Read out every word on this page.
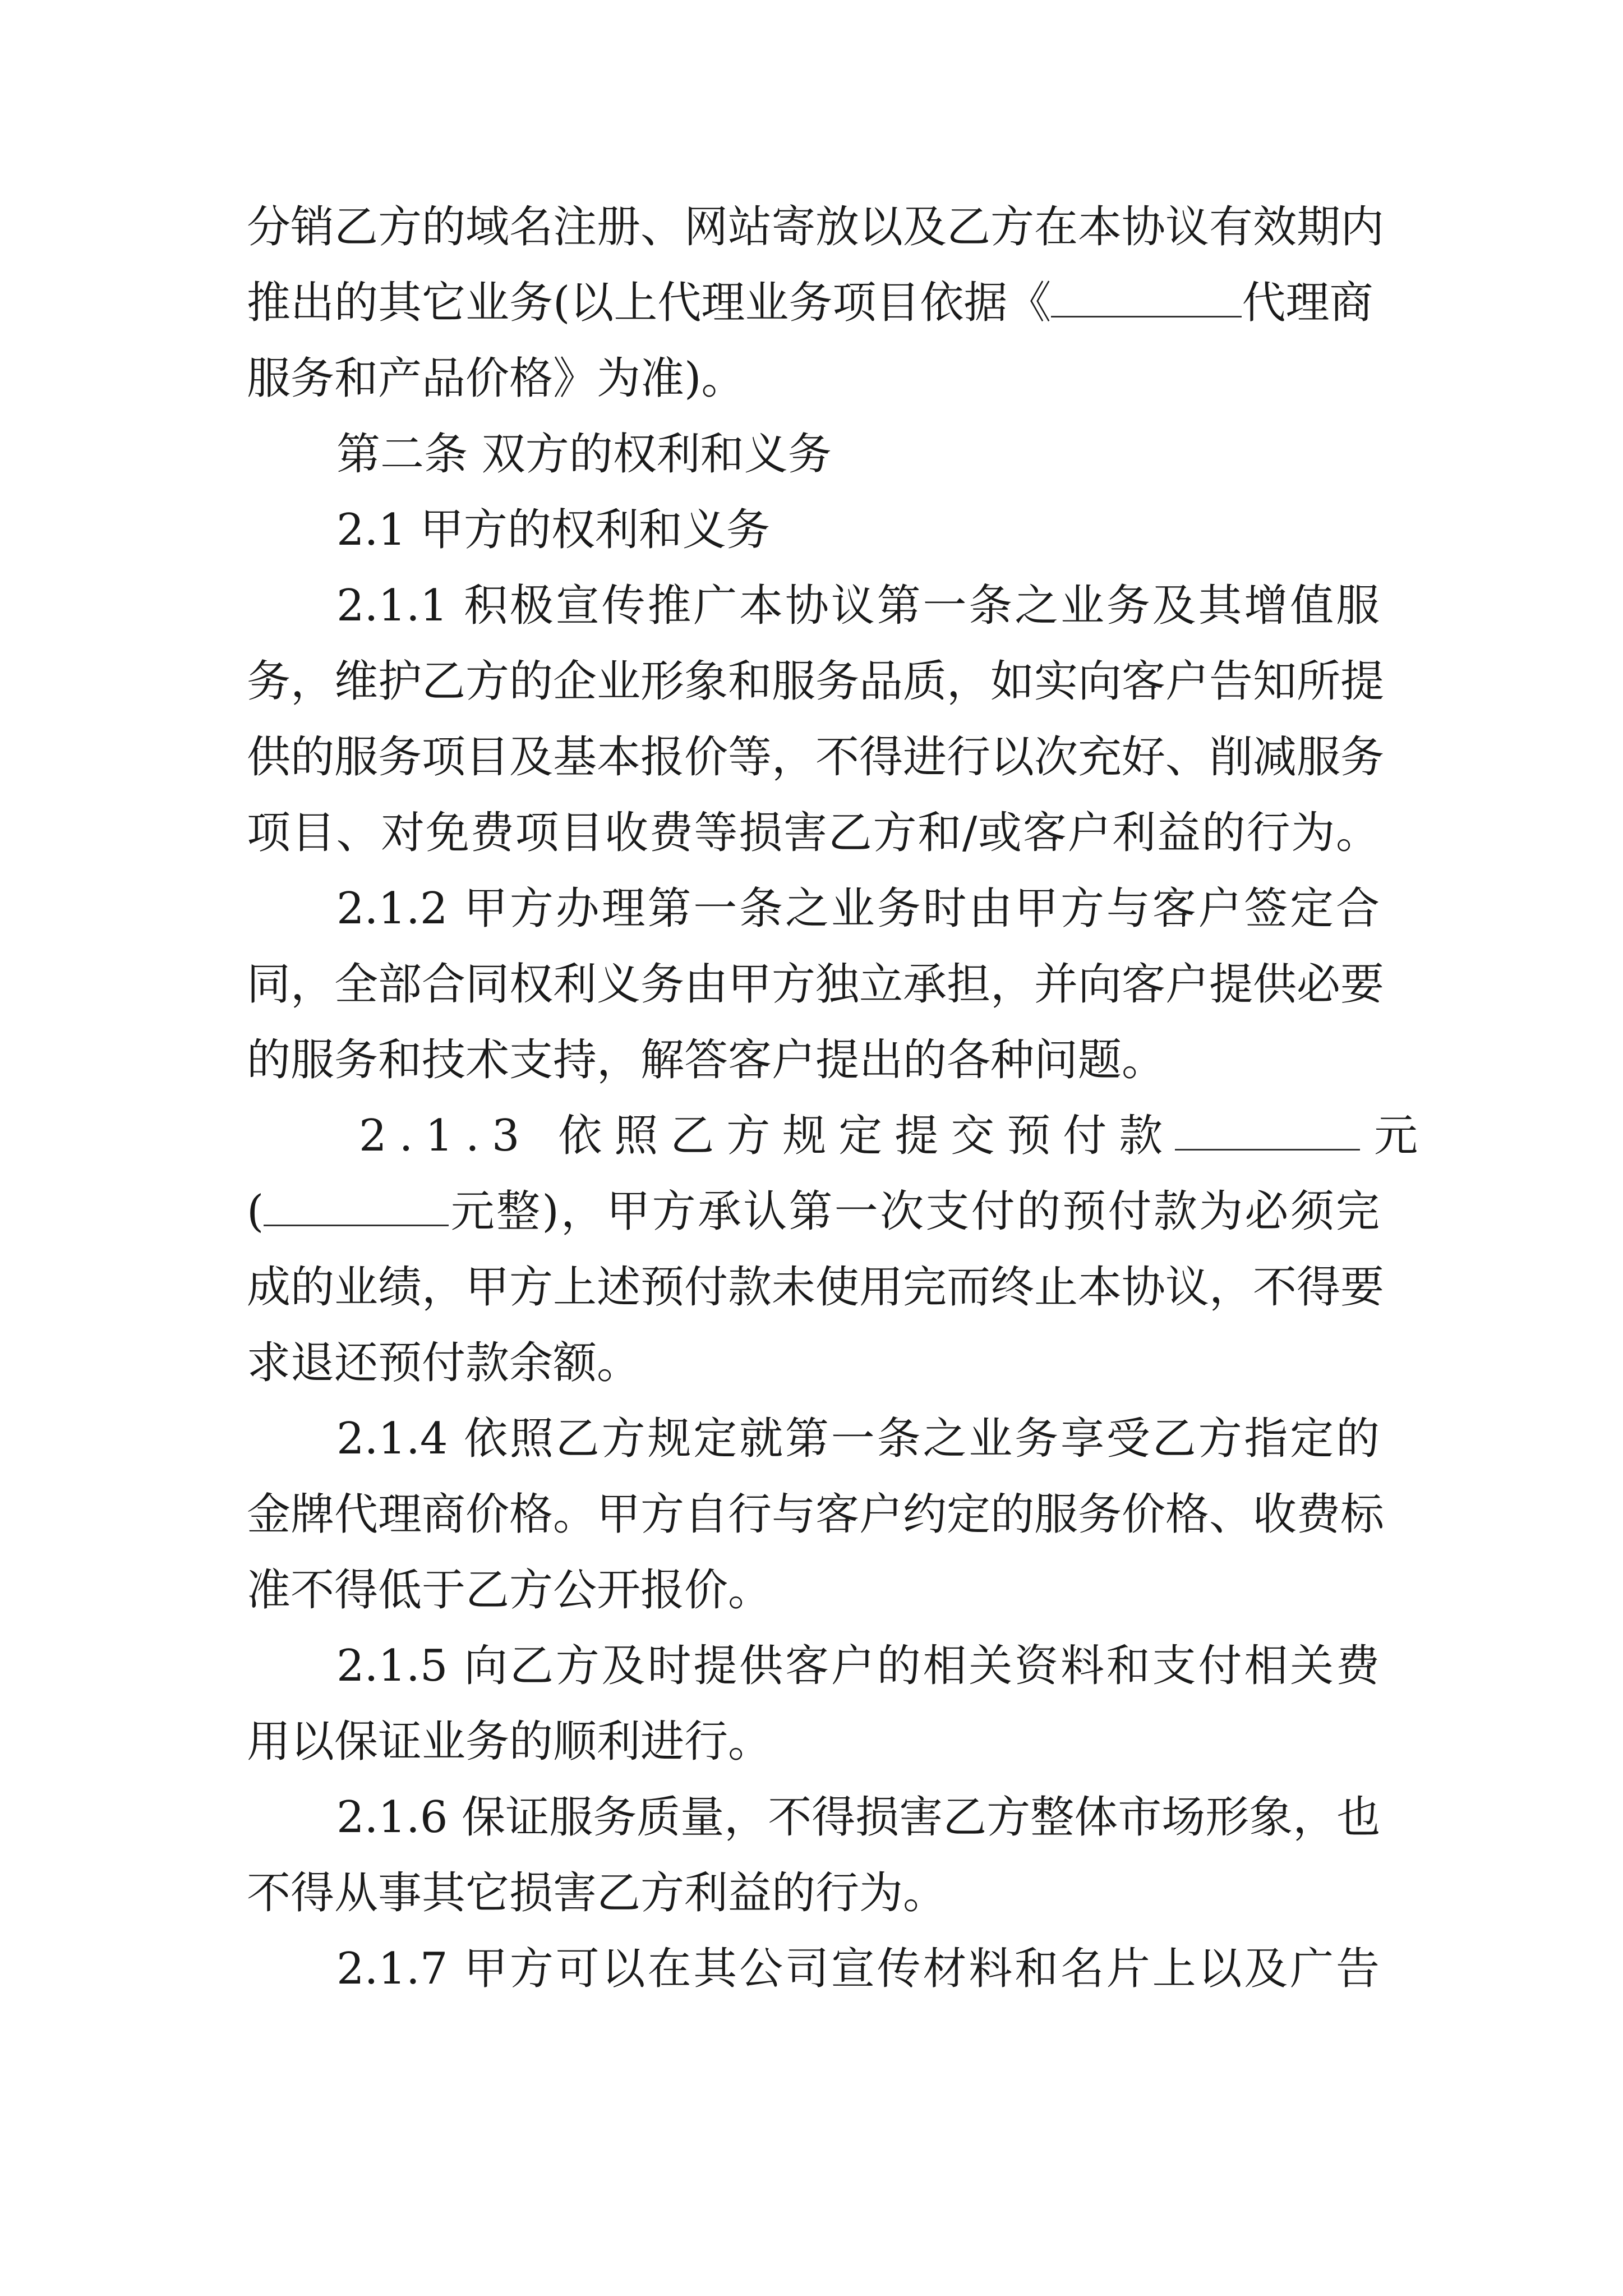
分销乙方的域名注册、网站寄放以及乙方在本协议有效期内
推出的其它业务(以上代理业务项目依据《	代理商
服务和产品价格》为准)。
第二条 双方的权利和义务
2.1 甲方的权利和义务
2.1.1 积极宣传推广本协议第一条之业务及其增值服
务，维护乙方的企业形象和服务品质，如实向客户告知所提
供的服务项目及基本报价等，不得进行以次充好、削减服务
项目、对免费项目收费等损害乙方和/或客户利益的行为。
2.1.2 甲方办理第一条之业务时由甲方与客户签定合
同，全部合同权利义务由甲方独立承担，并向客户提供必要
的服务和技术支持，解答客户提出的各种问题。
2.1.3 依照乙方规定提交预付款	元
(	元整)，甲方承认第一次支付的预付款为必须完
成的业绩，甲方上述预付款未使用完而终止本协议，不得要
求退还预付款余额。
2.1.4 依照乙方规定就第一条之业务享受乙方指定的
金牌代理商价格。甲方自行与客户约定的服务价格、收费标
准不得低于乙方公开报价。
2.1.5 向乙方及时提供客户的相关资料和支付相关费
用以保证业务的顺利进行。
2.1.6 保证服务质量，不得损害乙方整体市场形象，也
不得从事其它损害乙方利益的行为。
2.1.7 甲方可以在其公司宣传材料和名片上以及广告
